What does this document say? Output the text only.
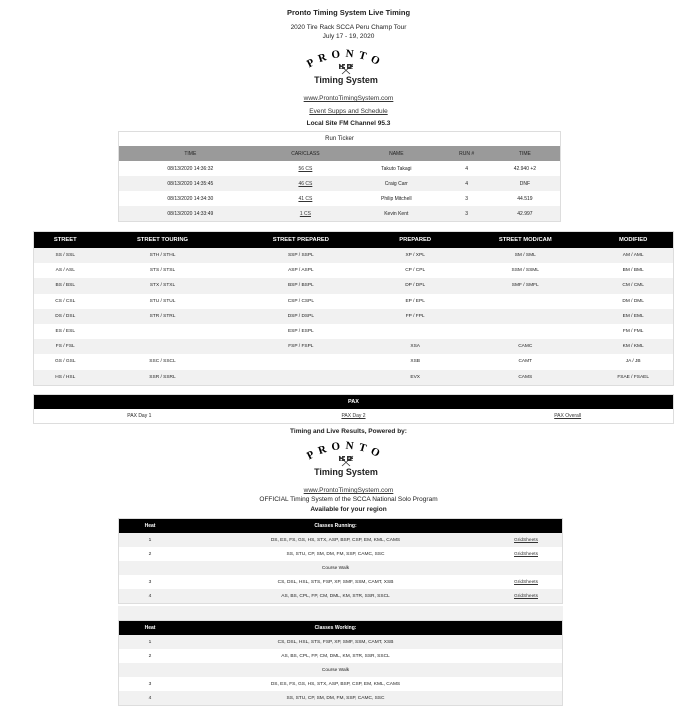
Pronto Timing System Live Timing
2020 Tire Rack SCCA Peru Champ Tour
July 17 - 19, 2020
PRONTO
Timing System
www.ProntoTimingSystem.com
Event Supps and Schedule
Local Site FM Channel 95.3
Run Ticker				
TIME	CAR/CLASS	NAME	RUN #	TIME
08/13/2020 14:36:32	56 CS	Takuto Takagi	4	42.940 +2
08/13/2020 14:35:45	46 CS	Craig Carr	4	DNF
08/13/2020 14:34:30	41 CS	Philip Mitchell	3	44.519
08/13/2020 14:33:49	1 CS	Kevin Kent	3	42.997
STREET	STREET TOURING	STREET PREPARED	PREPARED	STREET MOD/CAM	MODIFIED
SS / SSL	STH / STHL	SSP / SSPL	XP / XPL	SM / SML	AM / AML
AS / ASL	STS / STSL	ASP / ASPL	CP / CPL	SSM / SSML	BM / BML
BS / BSL	STX / STXL	BSP / BSPL	DP / DPL	SMF / SMFL	CM / CML
CS / CSL	STU / STUL	CSP / CSPL	EP / EPL		DM / DML
DS / DSL	STR / STRL	DSP / DSPL	FP / FPL		EM / EML
ES / ESL		ESP / ESPL			FM / FML
FS / FSL		FSP / FSPL	XSA	CAMC	KM / KML
GS / GSL	SSC / SSCL		XSB	CAMT	JA / JB
HS / HSL	SSR / SSRL		EVX	CAMS	FSAE / FSAEL
PAX
PAX Day 1	PAX Day 2	PAX Overall
Timing and Live Results, Powered by:
PRONTO
Timing System
www.ProntoTimingSystem.com
OFFICIAL Timing System of the SCCA National Solo Program
Available for your region
Heat	Classes Running:	
1	DS, ES, FS, GS, HS, STX, ASP, BSP, CSP, EM, KML, CAMS	GridSheets
2	SS, STU, CP, SM, DM, FM, SSP, CAMC, SSC	GridSheets
	Course Walk	
3	CS, DSL, HSL, STS, FSP, XP, SMF, SSM, CAMT, XSB	GridSheets
4	AS, BS, CPL, FP, CM, DML, KM, STR, SSR, SSCL	GridSheets
Heat	Classes Working:	
1	CS, DSL, HSL, STS, FSP, XP, SMF, SSM, CAMT, XSB	
2	AS, BS, CPL, FP, CM, DML, KM, STR, SSR, SSCL	
	Course Walk	
3	DS, ES, FS, GS, HS, STX, ASP, BSP, CSP, EM, KML, CAMS	
4	SS, STU, CP, SM, DM, FM, SSP, CAMC, SSC	
